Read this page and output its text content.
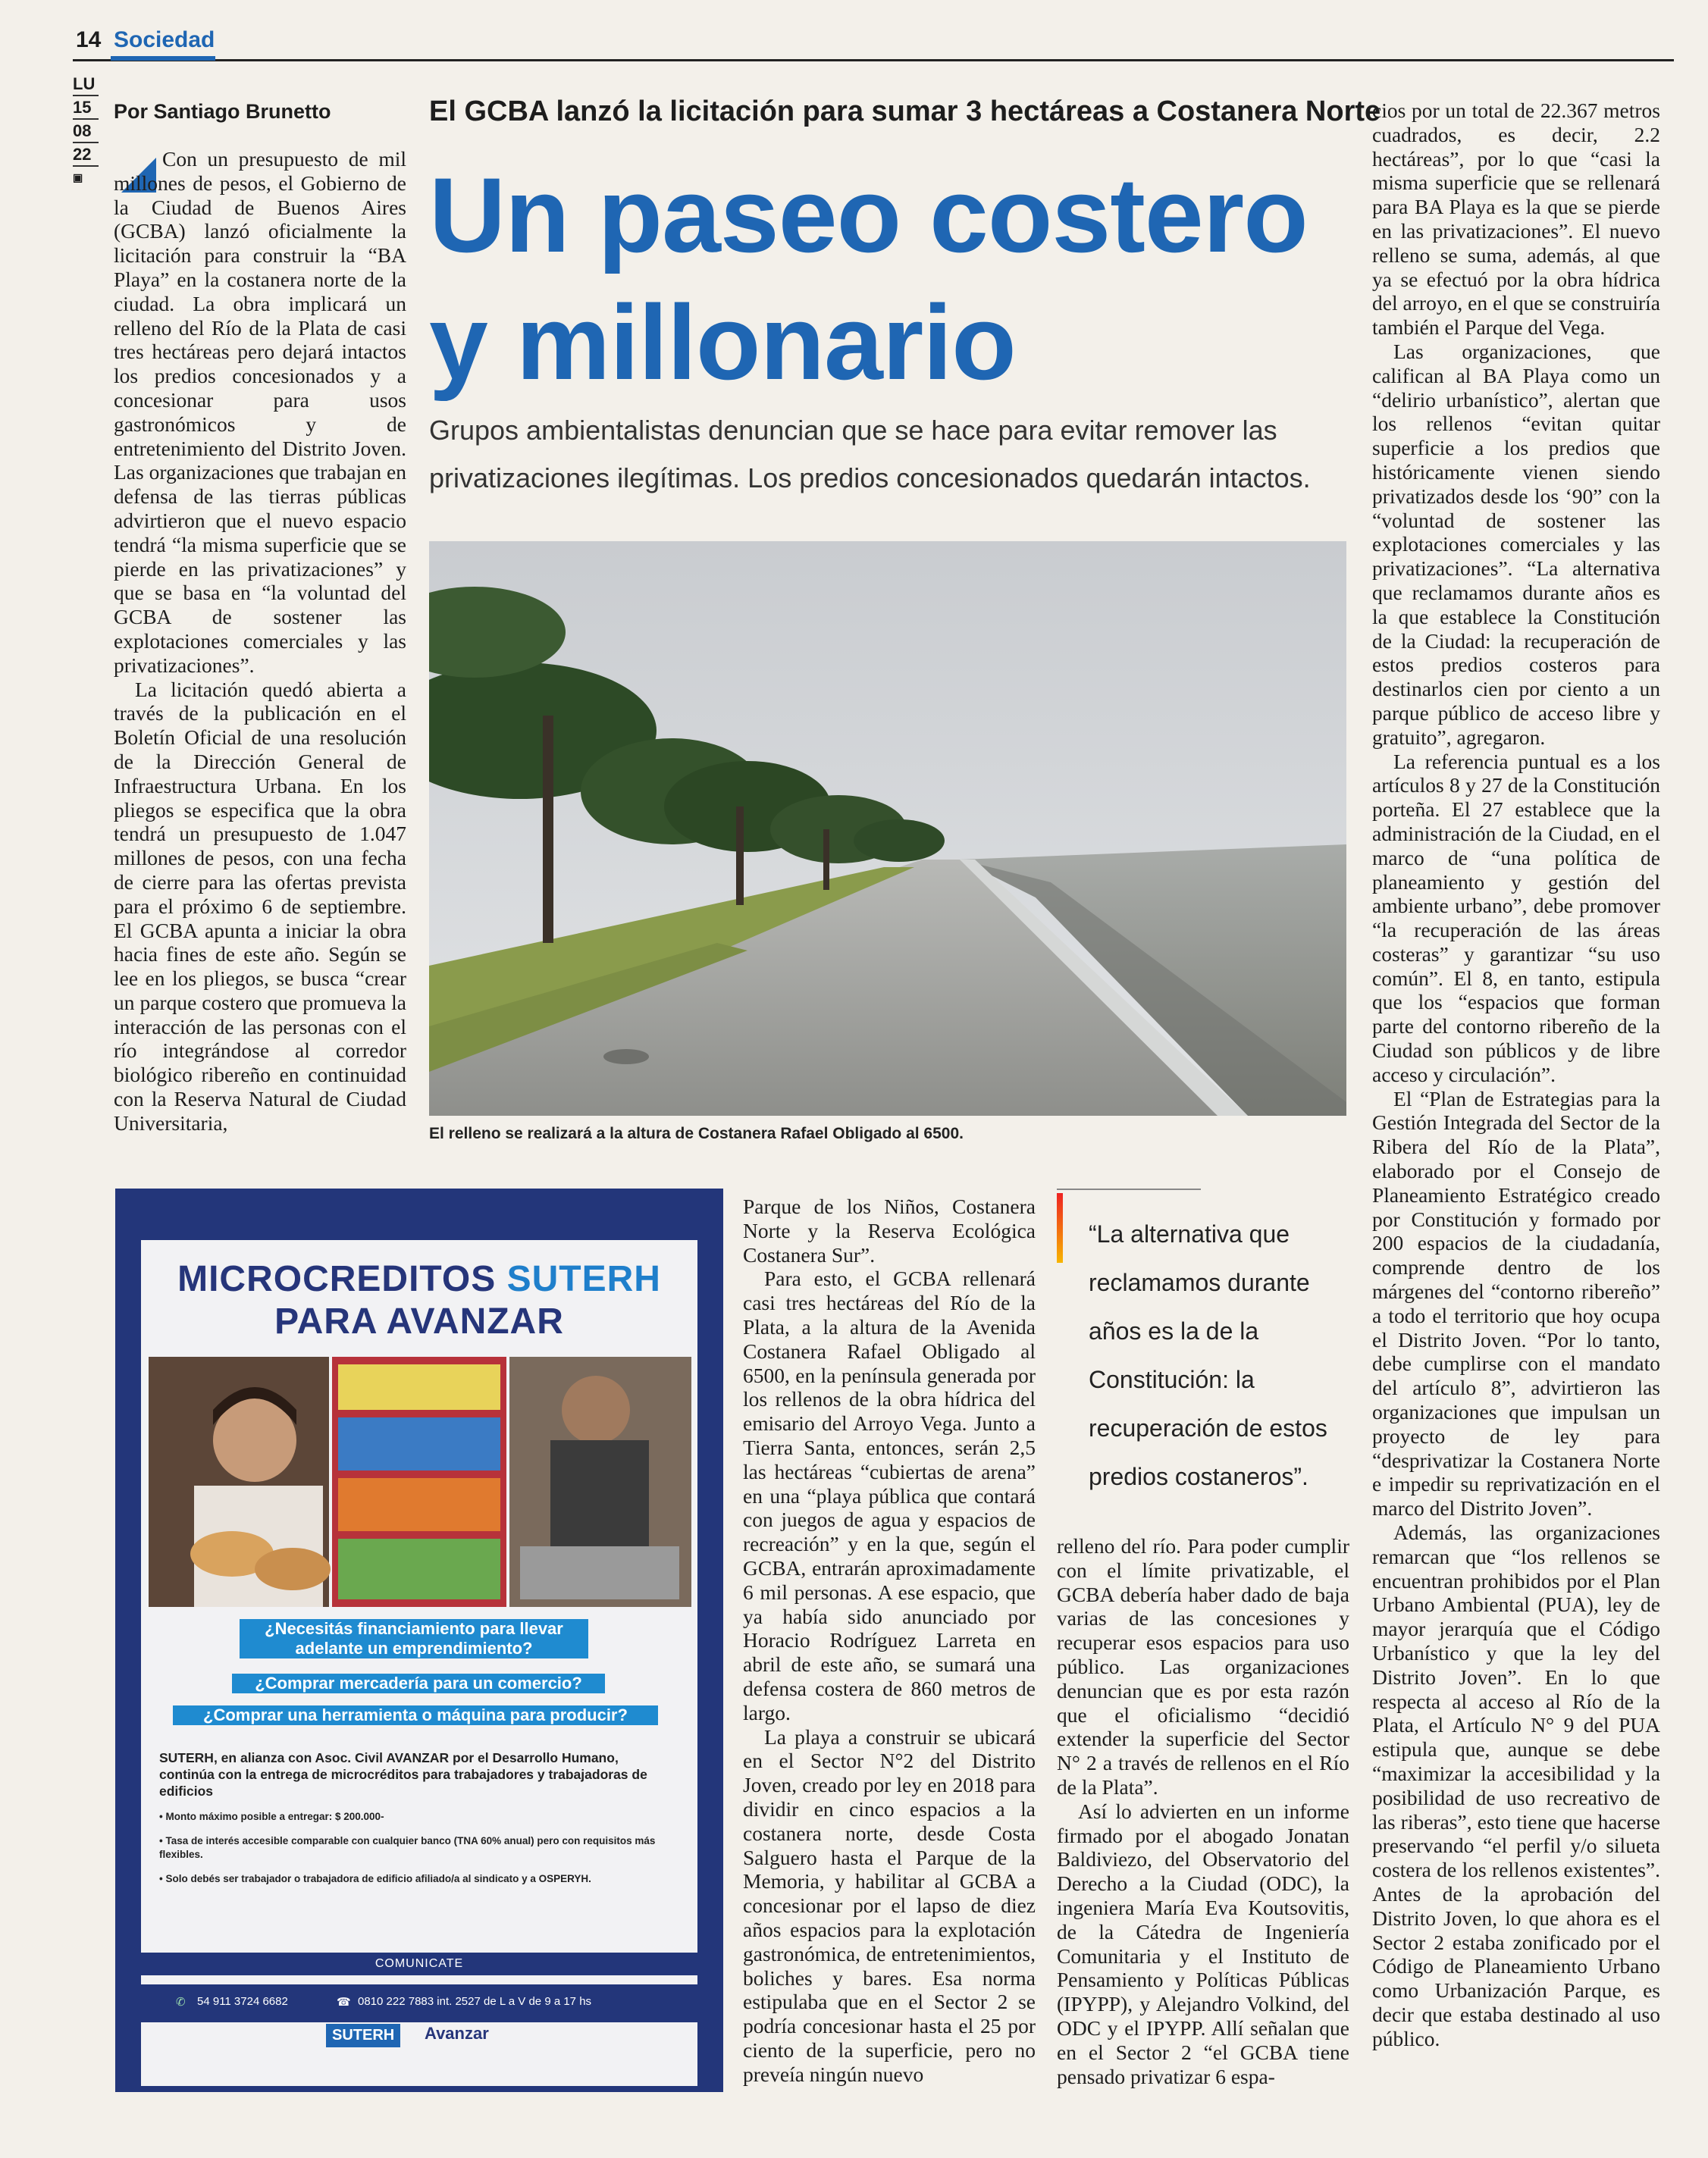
14 Sociedad
LU
15
08
22
▣
Por Santiago Brunetto	El GCBA lanzó la licitación para sumar 3 hectáreas a Costanera Norte
Un paseo costero
y millonario
Grupos ambientalistas denuncian que se hace para evitar remover las
privatizaciones ilegítimas. Los predios concesionados quedarán intactos.
El relleno se realizará a la altura de Costanera Rafael Obligado al 6500.

Con un presupuesto de mil millones de pesos, el Gobierno de la Ciudad de Buenos Aires (GCBA) lanzó oficialmente la licitación para construir la “BA Playa” en la costanera norte de la ciudad. La obra implicará un relleno del Río de la Plata de casi tres hectáreas pero dejará intactos los predios concesionados y a concesionar para usos gastronómicos y de entretenimiento del Distrito Joven. Las organizaciones que trabajan en defensa de las tierras públicas advirtieron que el nuevo espacio tendrá “la misma superficie que se pierde en las privatizaciones” y que se basa en “la voluntad del GCBA de sostener las explotaciones comerciales y las privatizaciones”.

La licitación quedó abierta a través de la publicación en el Boletín Oficial de una resolución de la Dirección General de Infraestructura Urbana. En los pliegos se especifica que la obra tendrá un presupuesto de 1.047 millones de pesos, con una fecha de cierre para las ofertas prevista para el próximo 6 de septiembre. El GCBA apunta a iniciar la obra hacia fines de este año. Según se lee en los pliegos, se busca “crear un parque costero que promueva la interacción de las personas con el río integrándose al corredor biológico ribereño en continuidad con la Reserva Natural de Ciudad Universitaria,

Parque de los Niños, Costanera Norte y la Reserva Ecológica Costanera Sur”.

Para esto, el GCBA rellenará casi tres hectáreas del Río de la Plata, a la altura de la Avenida Costanera Rafael Obligado al 6500, en la península generada por los rellenos de la obra hídrica del emisario del Arroyo Vega. Junto a Tierra Santa, entonces, serán 2,5 las hectáreas “cubiertas de arena” en una “playa pública que contará con juegos de agua y espacios de recreación” y en la que, según el GCBA, entrarán aproximadamente 6 mil personas. A ese espacio, que ya había sido anunciado por Horacio Rodríguez Larreta en abril de este año, se sumará una defensa costera de 860 metros de largo.

La playa a construir se ubicará en el Sector N°2 del Distrito Joven, creado por ley en 2018 para dividir en cinco espacios a la costanera norte, desde Costa Salguero hasta el Parque de la Memoria, y habilitar al GCBA a concesionar por el lapso de diez años espacios para la explotación gastronómica, de entretenimientos, boliches y bares. Esa norma estipulaba que en el Sector 2 se podría concesionar hasta el 25 por ciento de la superficie, pero no preveía ningún nuevo

“La alternativa que reclamamos durante años es la de la Constitución: la recuperación de estos predios costaneros”.

relleno del río. Para poder cumplir con el límite privatizable, el GCBA debería haber dado de baja varias de las concesiones y recuperar esos espacios para uso público. Las organizaciones denuncian que es por esta razón que el oficialismo “decidió extender la superficie del Sector N° 2 a través de rellenos en el Río de la Plata”.

Así lo advierten en un informe firmado por el abogado Jonatan Baldiviezo, del Observatorio del Derecho a la Ciudad (ODC), la ingeniera María Eva Koutsovitis, de la Cátedra de Ingeniería Comunitaria y el Instituto de Pensamiento y Políticas Públicas (IPYPP), y Alejandro Volkind, del ODC y el IPYPP. Allí señalan que en el Sector 2 “el GCBA tiene pensado privatizar 6 espa-

cios por un total de 22.367 metros cuadrados, es decir, 2.2 hectáreas”, por lo que “casi la misma superficie que se rellenará para BA Playa es la que se pierde en las privatizaciones”. El nuevo relleno se suma, además, al que ya se efectuó por la obra hídrica del arroyo, en el que se construiría también el Parque del Vega.

Las organizaciones, que califican al BA Playa como un “delirio urbanístico”, alertan que los rellenos “evitan quitar superficie a los predios que históricamente vienen siendo privatizados desde los ‘90” con la “voluntad de sostener las explotaciones comerciales y las privatizaciones”. “La alternativa que reclamamos durante años es la que establece la Constitución de la Ciudad: la recuperación de estos predios costeros para destinarlos cien por ciento a un parque público de acceso libre y gratuito”, agregaron.

La referencia puntual es a los artículos 8 y 27 de la Constitución porteña. El 27 establece que la administración de la Ciudad, en el marco de “una política de planeamiento y gestión del ambiente urbano”, debe promover “la recuperación de las áreas costeras” y garantizar “su uso común”. El 8, en tanto, estipula que los “espacios que forman parte del contorno ribereño de la Ciudad son públicos y de libre acceso y circulación”.

El “Plan de Estrategias para la Gestión Integrada del Sector de la Ribera del Río de la Plata”, elaborado por el Consejo de Planeamiento Estratégico creado por Constitución y formado por 200 espacios de la ciudadanía, comprende dentro de los márgenes del “contorno ribereño” a todo el territorio que hoy ocupa el Distrito Joven. “Por lo tanto, debe cumplirse con el mandato del artículo 8”, advirtieron las organizaciones que impulsan un proyecto de ley para “desprivatizar la Costanera Norte e impedir su reprivatización en el marco del Distrito Joven”.

Además, las organizaciones remarcan que “los rellenos se encuentran prohibidos por el Plan Urbano Ambiental (PUA), ley de mayor jerarquía que el Código Urbanístico y que la ley del Distrito Joven”. En lo que respecta al acceso al Río de la Plata, el Artículo N° 9 del PUA estipula que, aunque se debe “maximizar la accesibilidad y la posibilidad de uso recreativo de las riberas”, esto tiene que hacerse preservando “el perfil y/o silueta costera de los rellenos existentes”. Antes de la aprobación del Distrito Joven, lo que ahora es el Sector 2 estaba zonificado por el Código de Planeamiento Urbano como Urbanización Parque, es decir que estaba destinado al uso público.

MICROCREDITOS SUTERH
PARA AVANZAR
¿Necesitás financiamiento para llevar adelante un emprendimiento?
¿Comprar mercadería para un comercio?
¿Comprar una herramienta o máquina para producir?
SUTERH, en alianza con Asoc. Civil AVANZAR por el Desarrollo Humano, continúa con la entrega de microcréditos para trabajadores y trabajadoras de edificios
• Monto máximo posible a entregar: $ 200.000-
• Tasa de interés accesible comparable con cualquier banco (TNA 60% anual) pero con requisitos más flexibles.
• Solo debés ser trabajador o trabajadora de edificio afiliado/a al sindicato y a OSPERYH.
COMUNICATE
✆ 54 911 3724 6682	☎ 0810 222 7883 int. 2527 de L a V de 9 a 17 hs
SUTERH	Avanzar
